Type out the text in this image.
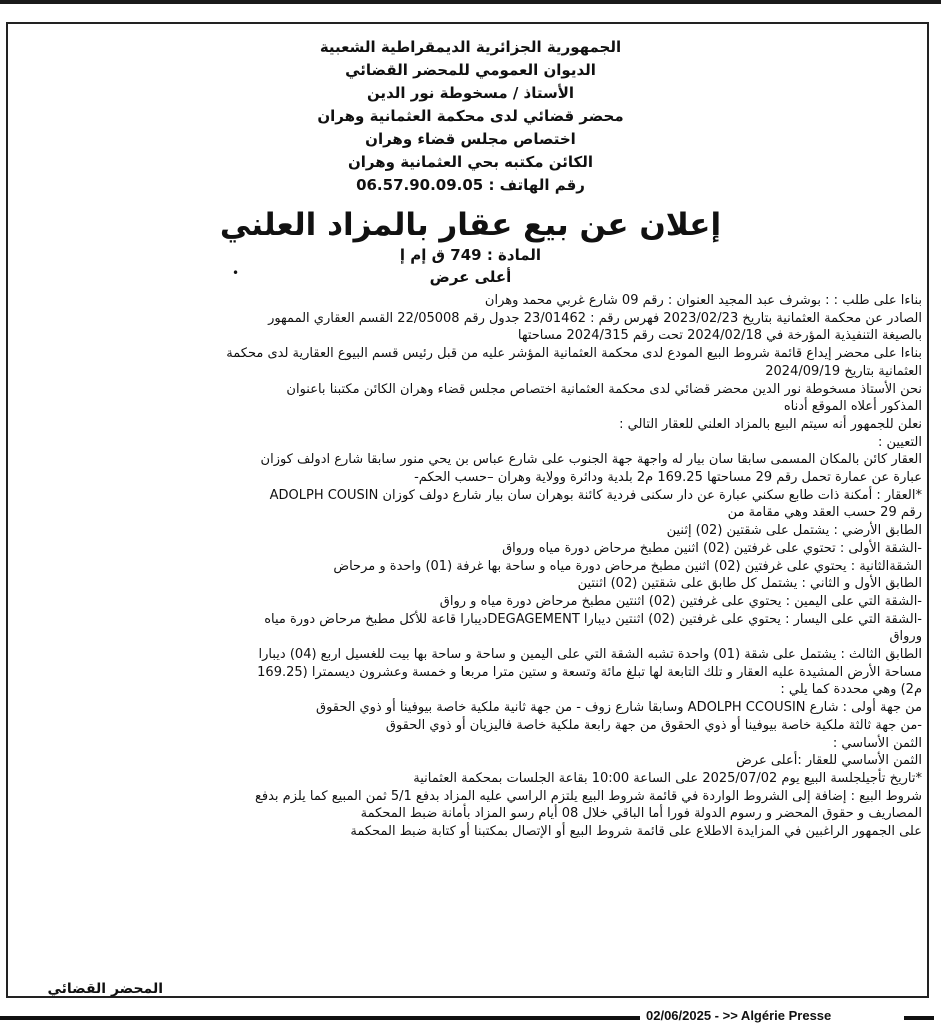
الجمهورية الجزائرية الديمقراطية الشعبية
الديوان العمومي للمحضر القضائي
الأستاذ / مسخوطة نور الدين
محضر قضائي لدى محكمة العثمانية وهران
اختصاص مجلس قضاء وهران
الكائن مكتبه بحي العثمانية وهران
رقم الهاتف : 06.57.90.09.05
إعلان عن بيع عقار بالمزاد العلني
المادة : 749 ق إم إ
أعلى عرض
•
بناءا على طلب : : بوشرف عبد المجيد العنوان : رقم 09 شارع غربي محمد وهران
الصادر عن محكمة العثمانية بتاريخ 2023/02/23 فهرس رقم : 23/01462 جدول رقم 22/05008 القسم العقاري الممهور
بالصيغة التنفيذية المؤرخة في 2024/02/18 تحت رقم 2024/315 مساحتها
بناءا على محضر إيداع قائمة شروط البيع المودع لدى محكمة العثمانية المؤشر عليه من قبل رئيس قسم البيوع العقارية لدى محكمة
العثمانية بتاريخ 2024/09/19
نحن الأستاذ مسخوطة نور الدين محضر قضائي لدى محكمة العثمانية اختصاص مجلس قضاء وهران الكائن مكتبنا باعنوان
المذكور أعلاه الموقع أدناه
نعلن للجمهور أنه سيتم البيع بالمزاد العلني للعقار التالي :
التعيين :
العقار كائن بالمكان المسمى سابقا سان بيار له واجهة جهة الجنوب على شارع عباس بن يحي منور سابقا شارع ادولف كوزان
عبارة عن عمارة تحمل رقم 29 مساحتها 169.25 م2 بلدية ودائرة وولاية وهران –حسب الحكم-
*العقار : أمكنة ذات طابع سكني عبارة عن دار سكنى فردية كائنة بوهران سان بيار شارع دولف كوزان ADOLPH COUSIN
رقم 29 حسب العقد وهي مقامة من
الطابق الأرضي : يشتمل على شقتين (02) إثنين
-الشقة الأولى : تحتوي على غرفتين (02) اثنين مطبخ مرحاض دورة مياه ورواق
الشقةالثانية : يحتوي على غرفتين (02) اثنين مطبخ مرحاض دورة مياه و ساحة بها غرفة (01) واحدة و مرحاض
الطابق الأول و الثاني : يشتمل كل طابق على شقتين (02) اثنتين
-الشقة التي على اليمين : يحتوي على غرفتين (02) اثنتين مطبخ مرحاض دورة مياه و رواق
-الشقة التي على اليسار : يحتوي على غرفتين (02) اثنتين ديبارا DEGAGEMENTديبارا قاعة للأكل مطبخ مرحاض دورة مياه
ورواق
الطابق الثالث : يشتمل على شقة (01) واحدة تشبه الشقة التي على اليمين و ساحة و ساحة بها بيت للغسيل اربع (04) ديبارا
مساحة الأرض المشيدة عليه العقار و تلك التابعة لها تبلغ مائة وتسعة و ستين مترا مربعا و خمسة وعشرون ديسمترا (169.25
م2) وهي محددة كما يلي :
من جهة أولى : شارع ADOLPH CCOUSIN وسابقا شارع زوف - من جهة ثانية ملكية خاصة بيوفينا أو ذوي الحقوق
-من جهة ثالثة ملكية خاصة بيوفينا أو ذوي الحقوق من جهة رابعة ملكية خاصة فاليزيان أو ذوي الحقوق
الثمن الأساسي :
الثمن الأساسي للعقار :أعلى عرض
*تاريخ تأجيلجلسة البيع يوم 2025/07/02 على الساعة 10:00 بقاعة الجلسات بمحكمة العثمانية
شروط البيع : إضافة إلى الشروط الواردة في قائمة شروط البيع يلتزم الراسي عليه المزاد بدفع 5/1 ثمن المبيع كما يلزم بدفع
المصاريف و حقوق المحضر و رسوم الدولة فورا أما الباقي خلال 08 أيام رسو المزاد بأمانة ضبط المحكمة
على الجمهور الراغبين في المزايدة الاطلاع على قائمة شروط البيع أو الإتصال بمكتبنا أو كتابة ضبط المحكمة
المحضر القضائي
02/06/2025 - >> Algérie Presse
